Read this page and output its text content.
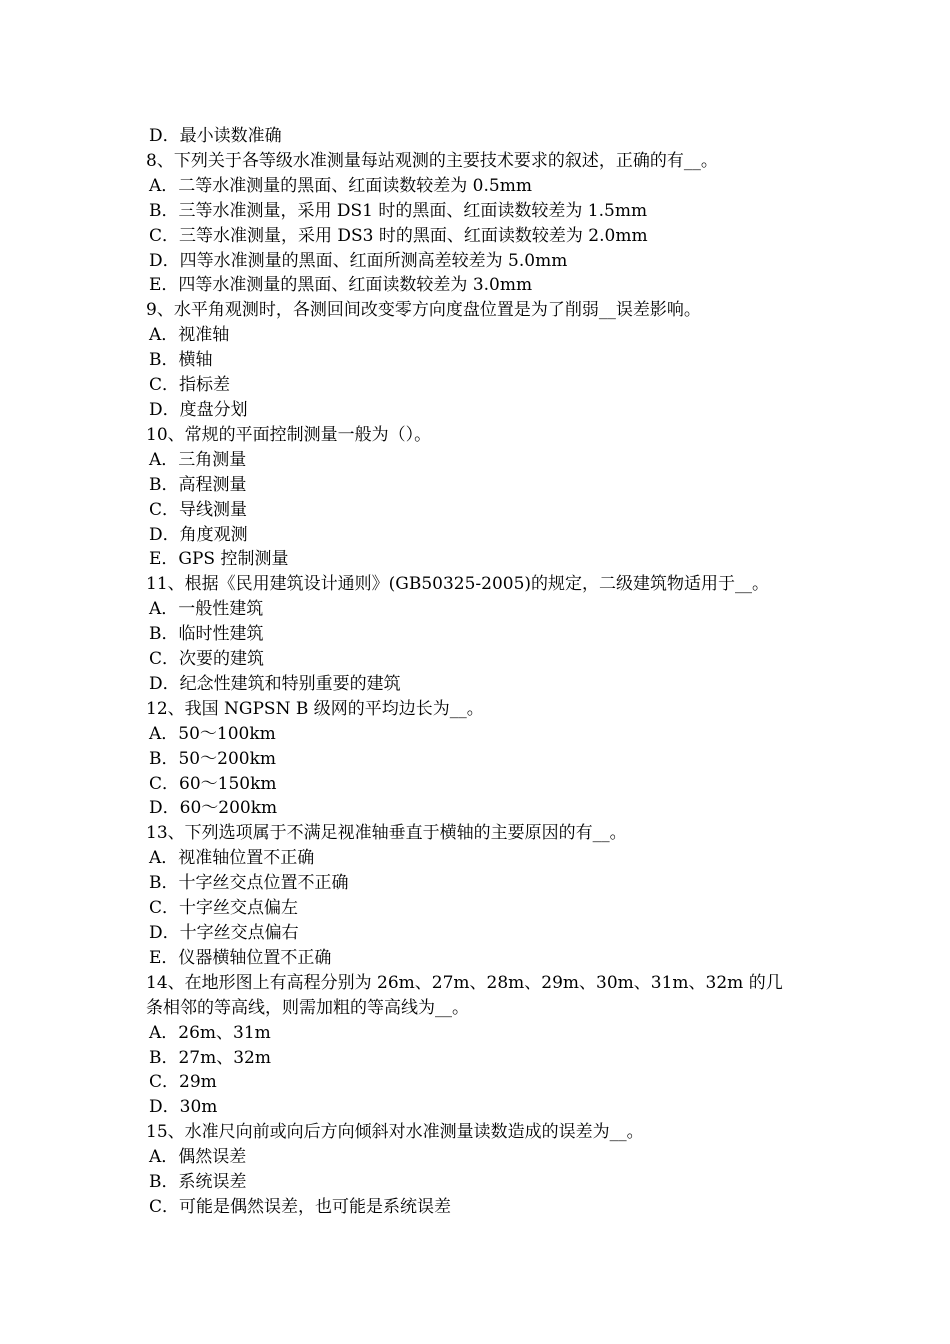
D．最小读数准确
8、下列关于各等级水准测量每站观测的主要技术要求的叙述，正确的有__。
A．二等水准测量的黑面、红面读数较差为 0.5mm
B．三等水准测量，采用 DS1 时的黑面、红面读数较差为 1.5mm
C．三等水准测量，采用 DS3 时的黑面、红面读数较差为 2.0mm
D．四等水准测量的黑面、红面所测高差较差为 5.0mm
E．四等水准测量的黑面、红面读数较差为 3.0mm
9、水平角观测时，各测回间改变零方向度盘位置是为了削弱__误差影响。
A．视准轴
B．横轴
C．指标差
D．度盘分划
10、常规的平面控制测量一般为（）。
A．三角测量
B．高程测量
C．导线测量
D．角度观测
E．GPS 控制测量
11、根据《民用建筑设计通则》(GB50325-2005)的规定，二级建筑物适用于__。
A．一般性建筑
B．临时性建筑
C．次要的建筑
D．纪念性建筑和特别重要的建筑
12、我国 NGPSN B 级网的平均边长为__。
A．50～100km
B．50～200km
C．60～150km
D．60～200km
13、下列选项属于不满足视准轴垂直于横轴的主要原因的有__。
A．视准轴位置不正确
B．十字丝交点位置不正确
C．十字丝交点偏左
D．十字丝交点偏右
E．仪器横轴位置不正确
14、在地形图上有高程分别为 26m、27m、28m、29m、30m、31m、32m 的几
条相邻的等高线，则需加粗的等高线为__。
A．26m、31m
B．27m、32m
C．29m
D．30m
15、水准尺向前或向后方向倾斜对水准测量读数造成的误差为__。
A．偶然误差
B．系统误差
C．可能是偶然误差，也可能是系统误差
